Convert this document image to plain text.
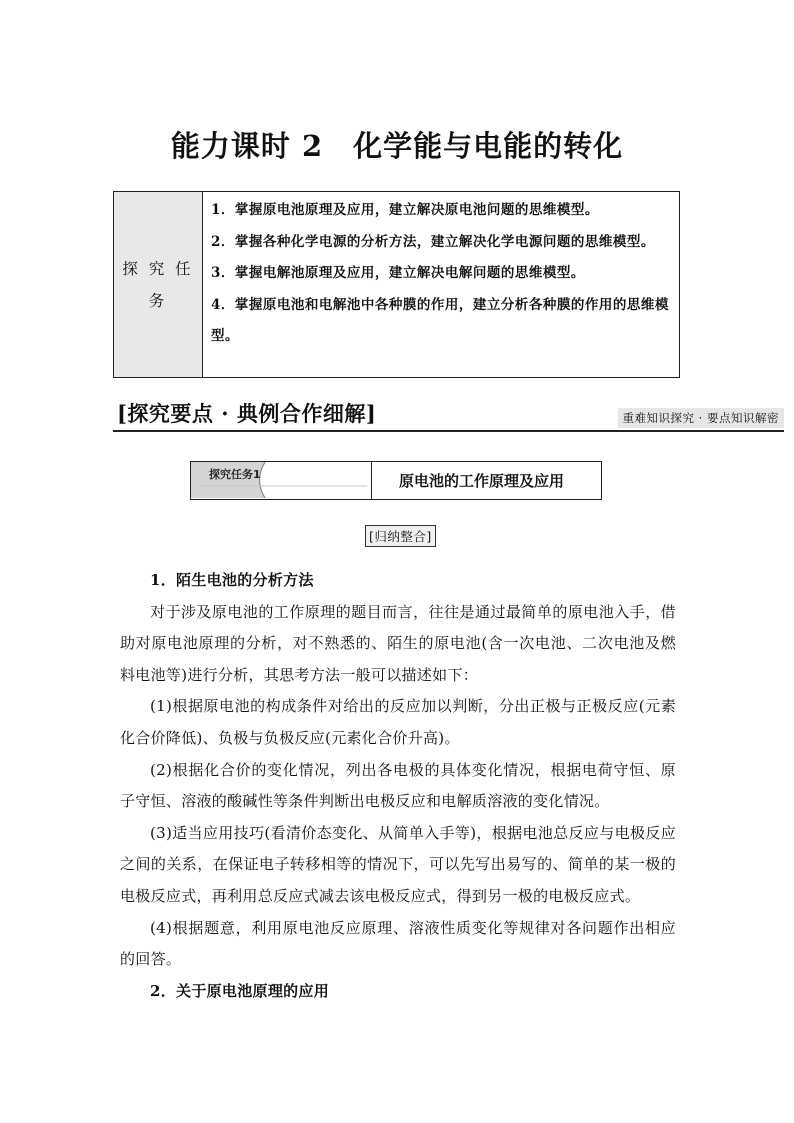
能力课时 2　化学能与电能的转化
探 究 任
务

1．掌握原电池原理及应用，建立解决原电池问题的思维模型。

2．掌握各种化学电源的分析方法，建立解决化学电源问题的思维模型。

3．掌握电解池原理及应用，建立解决电解问题的思维模型。

4．掌握原电池和电解池中各种膜的作用，建立分析各种膜的作用的思维模型。

[探究要点 · 典例合作细解]	重难知识探究 · 要点知识解密
探究任务1	原电池的工作原理及应用
[归纳整合]

1．陌生电池的分析方法

对于涉及原电池的工作原理的题目而言，往往是通过最简单的原电池入手，借助对原电池原理的分析，对不熟悉的、陌生的原电池(含一次电池、二次电池及燃料电池等)进行分析，其思考方法一般可以描述如下：

(1)根据原电池的构成条件对给出的反应加以判断，分出正极与正极反应(元素化合价降低)、负极与负极反应(元素化合价升高)。

(2)根据化合价的变化情况，列出各电极的具体变化情况，根据电荷守恒、原子守恒、溶液的酸碱性等条件判断出电极反应和电解质溶液的变化情况。

(3)适当应用技巧(看清价态变化、从简单入手等)，根据电池总反应与电极反应之间的关系，在保证电子转移相等的情况下，可以先写出易写的、简单的某一极的电极反应式，再利用总反应式减去该电极反应式，得到另一极的电极反应式。

(4)根据题意，利用原电池反应原理、溶液性质变化等规律对各问题作出相应的回答。

2．关于原电池原理的应用
